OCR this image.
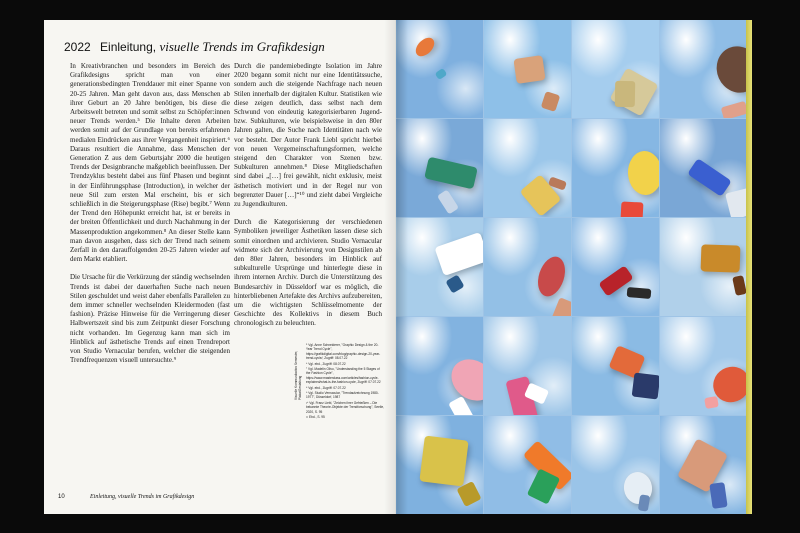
2022 Einleitung, visuelle Trends im Grafikdesign

In Kreativbranchen und besonders im Bereich des Grafikdesigns spricht man von einer generationsbedingten Trenddauer mit einer Spanne von 20-25 Jahren. Man geht davon aus, dass Menschen ab ihrer Geburt an 20 Jahre benötigen, bis diese die Arbeitswelt betreten und somit selbst zu Schöpfer:innen neuer Trends werden.⁵ Die Inhalte deren Arbeiten werden somit auf der Grundlage von bereits erfahrenen medialen Eindrücken aus ihrer Vergangenheit inspiriert.⁶ Daraus resultiert die Annahme, dass Menschen der Generation Z aus dem Geburtsjahr 2000 die heutigen Trends der Designbranche maßgeblich beeinflussen. Der Trendzyklus besteht dabei aus fünf Phasen und beginnt in der Einführungsphase (Introduction), in welcher der neue Stil zum ersten Mal erscheint, bis er sich schließlich in die Steigerungsphase (Rise) begibt.⁷ Wenn der Trend den Höhepunkt erreicht hat, ist er bereits in der breiten Öffentlichkeit und durch Nachahmung in der Massenproduktion angekommen.⁸ An dieser Stelle kann man davon ausgehen, dass sich der Trend nach seinem Zerfall in den darauffolgenden 20-25 Jahren wieder auf dem Markt etabliert.

Die Ursache für die Verkürzung der ständig wechselnden Trends ist dabei der dauerhaften Suche nach neuen Stilen geschuldet und weist daher ebenfalls Parallelen zu dem immer schneller wechselnden Kleidermoden (fast fashion). Präzise Hinweise für die Verringerung dieser Halbwertszeit sind bis zum Zeitpunkt dieser Forschung nicht vorhanden. Im Gegenzug kann man sich im Hinblick auf ästhetische Trends auf einen Trendreport von Studio Vernacular berufen, welcher die steigenden Trendfrequenzen visuell untersuchte.⁹

Durch die pandemiebedingte Isolation im Jahre 2020 begann somit nicht nur eine Identitätssuche, sondern auch die steigende Nachfrage nach neuen Stilen innerhalb der digitalen Kultur. Statistiken wie diese zeigen deutlich, dass selbst nach dem Schwund von eindeutig kategorisierbaren Jugend- bzw. Subkulturen, wie beispielsweise in den 80er Jahren galten, die Suche nach Identitäten nach wie vor besteht. Der Autor Frank Liebl spricht hierbei von neuen Vergemeinschaftungsformen, welche steigend den Charakter von Szenen bzw. Subkulturen annehmen.⁸ Diese Mitgliedschaften sind dabei „[…] frei gewählt, nicht exklusiv, meist ästhetisch motiviert und in der Regel nur von begrenzter Dauer […]“¹⁰ und zieht dabei Vergleiche zu Jugendkulturen.

Durch die Kategorisierung der verschiedenen Symboliken jeweiliger Ästhetiken lassen diese sich somit einordnen und archivieren. Studio Vernacular widmete sich der Archivierung von Designstilen ab den 80er Jahren, besonders im Hinblick auf subkulturelle Ursprünge und hinterlegte diese in ihrem internen Archiv. Durch die Unterstützung des Bundesarchiv in Düsseldorf war es möglich, die hinterbliebenen Artefakte des Archivs aufzubereiten, um die wichtigsten Schlüsselmomente der Geschichte des Kollektivs in diesem Buch chronologisch zu beleuchten.

Visuelle Kommunikation Semester, PlakatGestaltung
⁵ Vgl. Anne Schneiderer, "Graphic Design & the 20-Year Trend Cycle", https://grafikdigital.com/blog/graphic-design-20-year-trend-cycle/, Zugriff: 08.07.22
⁶ Vgl. ebd., Zugriff: 08.07.22
⁷ Vgl. Madelin Olivo, "Understanding the 5 Stages of the Fashion Cycle", https://www.masterclass.com/articles/fashion-cycle-explained/what-is-the-fashion-cycle, Zugriff: 07.07.22
⁸ Vgl. ebd., Zugriff: 07.07.22
⁹ Vgl. Studio Vernacular, "Trendaufzeichnung 1980-1977", Düsseldorf, 1987
¹⁰ Vgl. Franz Liebl, "Zeichen ihrer Gefrießten – Die bekannte Theorie-Objekte der Trendforschung", Seelle, 2020, S. 95
¹¹ Ebd., S. 95
10	Einleitung, visuelle Trends im Grafikdesign
